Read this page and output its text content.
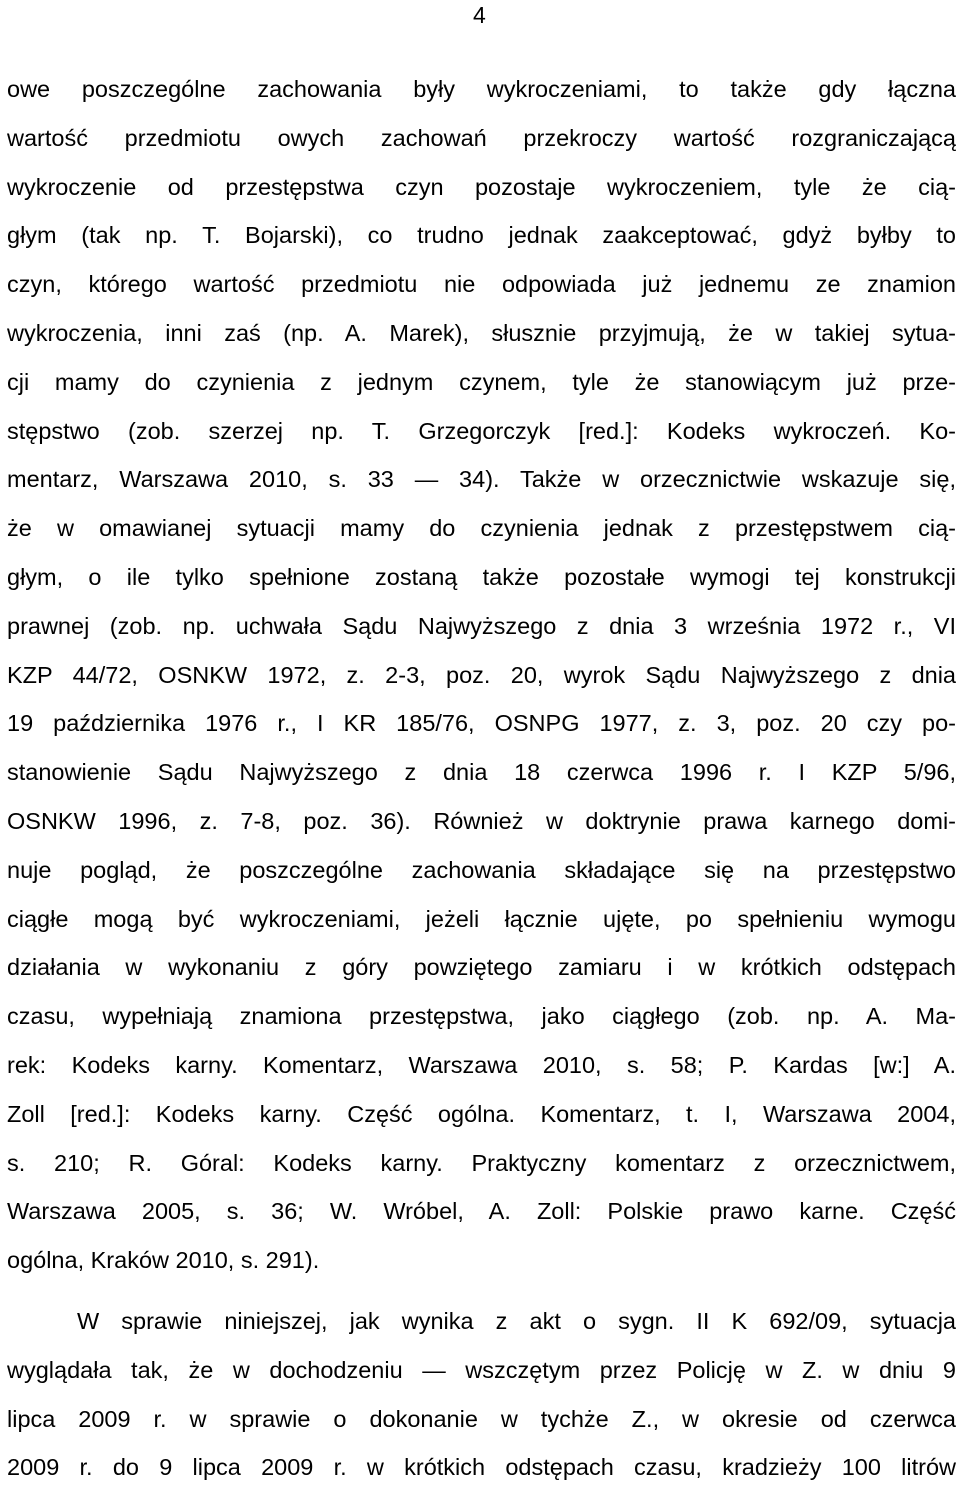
4
owe poszczególne zachowania były wykroczeniami, to także gdy łączna
wartość przedmiotu owych zachowań przekroczy wartość rozgraniczającą
wykroczenie od przestępstwa czyn pozostaje wykroczeniem, tyle że cią-
głym (tak np. T. Bojarski), co trudno jednak zaakceptować, gdyż byłby to
czyn, którego wartość przedmiotu nie odpowiada już jednemu ze znamion
wykroczenia, inni zaś (np. A. Marek), słusznie przyjmują, że w takiej sytua-
cji mamy do czynienia z jednym czynem, tyle że stanowiącym już prze-
stępstwo (zob. szerzej np. T. Grzegorczyk [red.]: Kodeks wykroczeń. Ko-
mentarz, Warszawa 2010, s. 33 — 34). Także w orzecznictwie wskazuje się,
że w omawianej sytuacji mamy do czynienia jednak z przestępstwem cią-
głym, o ile tylko spełnione zostaną także pozostałe wymogi tej konstrukcji
prawnej (zob. np. uchwała Sądu Najwyższego z dnia 3 września 1972 r., VI
KZP 44/72, OSNKW 1972, z. 2-3, poz. 20, wyrok Sądu Najwyższego z dnia
19 października 1976 r., I KR 185/76, OSNPG 1977, z. 3, poz. 20 czy po-
stanowienie Sądu Najwyższego z dnia 18 czerwca 1996 r. I KZP 5/96,
OSNKW 1996, z. 7-8, poz. 36). Również w doktrynie prawa karnego domi-
nuje pogląd, że poszczególne zachowania składające się na przestępstwo
ciągłe mogą być wykroczeniami, jeżeli łącznie ujęte, po spełnieniu wymogu
działania w wykonaniu z góry powziętego zamiaru i w krótkich odstępach
czasu, wypełniają znamiona przestępstwa, jako ciągłego (zob. np. A. Ma-
rek: Kodeks karny. Komentarz, Warszawa 2010, s. 58; P. Kardas [w:] A.
Zoll [red.]: Kodeks karny. Część ogólna. Komentarz, t. I, Warszawa 2004,
s. 210; R. Góral: Kodeks karny. Praktyczny komentarz z orzecznictwem,
Warszawa 2005, s. 36; W. Wróbel, A. Zoll: Polskie prawo karne. Część
ogólna, Kraków 2010, s. 291).
W sprawie niniejszej, jak wynika z akt o sygn. II K 692/09, sytuacja
wyglądała tak, że w dochodzeniu — wszczętym przez Policję w Z. w dniu 9
lipca 2009 r. w sprawie o dokonanie w tychże Z., w okresie od czerwca
2009 r. do 9 lipca 2009 r. w krótkich odstępach czasu, kradzieży 100 litrów
